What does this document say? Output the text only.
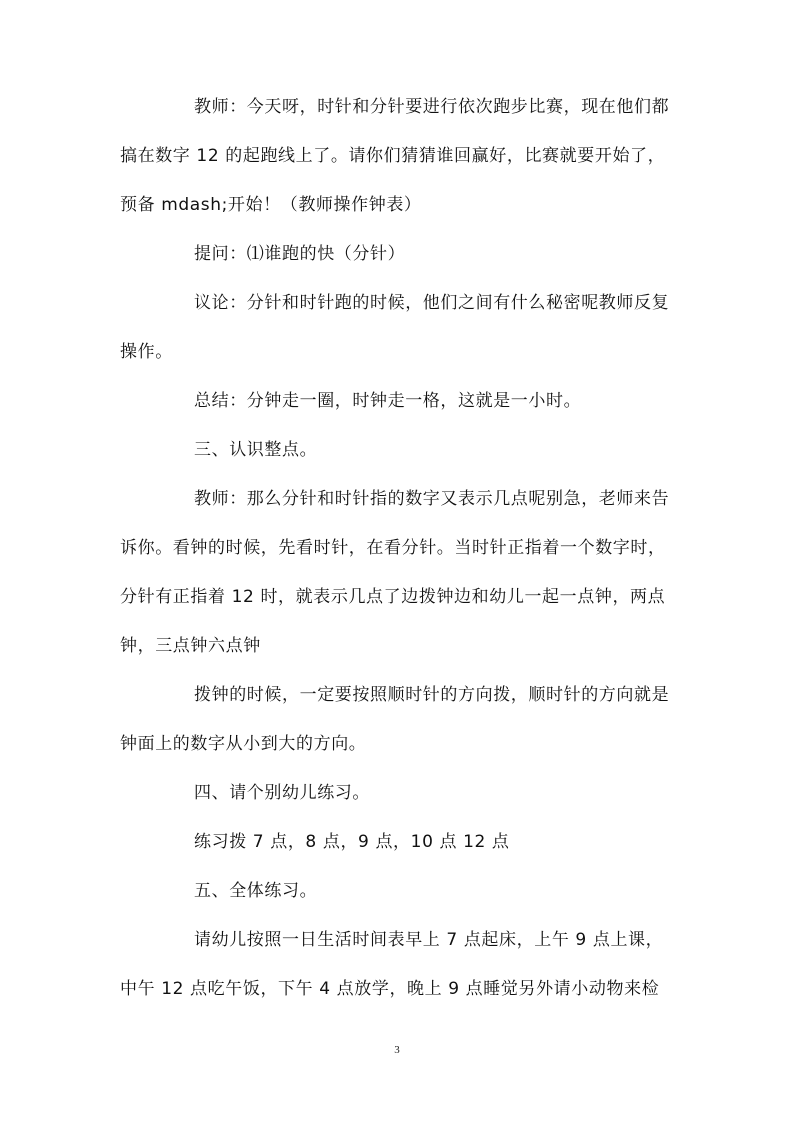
教师：今天呀，时针和分针要进行依次跑步比赛，现在他们都搞在数字 12 的起跑线上了。请你们猜猜谁回赢好，比赛就要开始了，预备 mdash;开始！（教师操作钟表）

提问：⑴谁跑的快（分针）

议论：分针和时针跑的时候，他们之间有什么秘密呢教师反复操作。

总结：分钟走一圈，时钟走一格，这就是一小时。

三、认识整点。

教师：那么分针和时针指的数字又表示几点呢别急，老师来告诉你。看钟的时候，先看时针，在看分针。当时针正指着一个数字时，分针有正指着 12 时，就表示几点了边拨钟边和幼儿一起一点钟，两点钟，三点钟六点钟

拨钟的时候，一定要按照顺时针的方向拨，顺时针的方向就是钟面上的数字从小到大的方向。

四、请个别幼儿练习。

练习拨 7 点，8 点，9 点，10 点 12 点

五、全体练习。

请幼儿按照一日生活时间表早上 7 点起床，上午 9 点上课，中午 12 点吃午饭，下午 4 点放学，晚上 9 点睡觉另外请小动物来检

3
